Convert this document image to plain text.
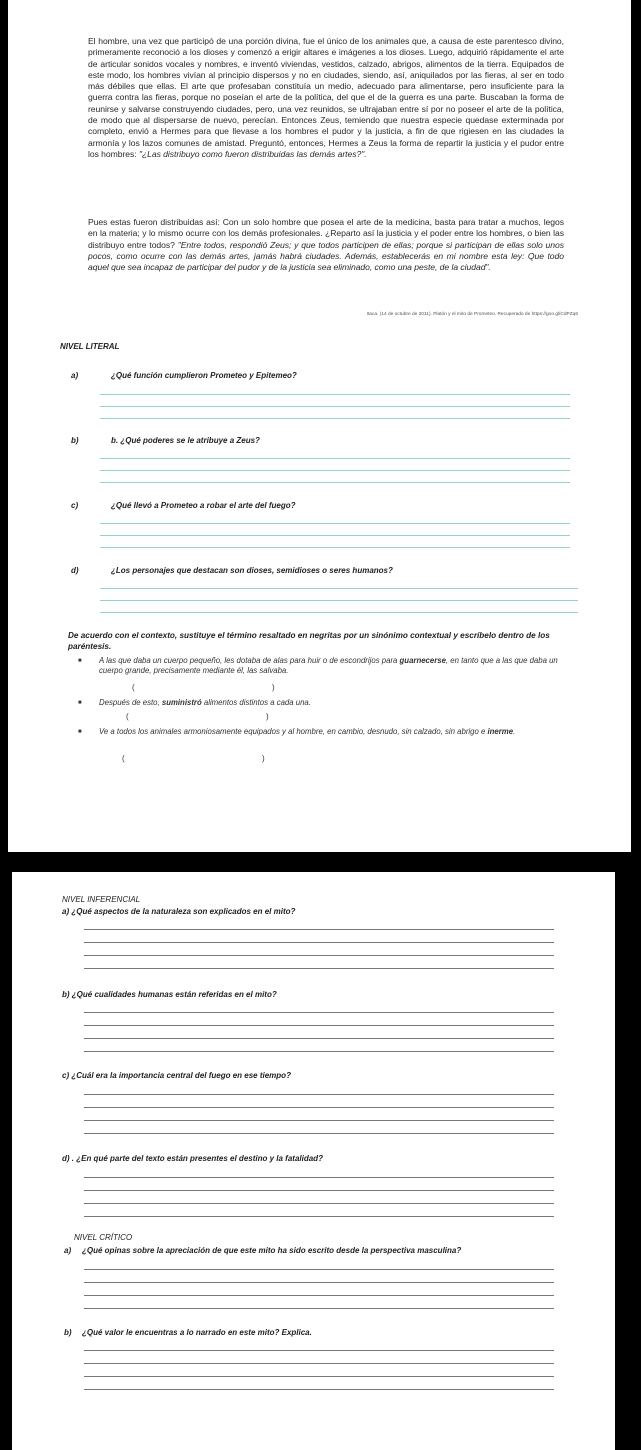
El hombre, una vez que participó de una porción divina, fue el único de los animales que, a causa de este parentesco divino, primeramente reconoció a los dioses y comenzó a erigir altares e imágenes a los dioses. Luego, adquirió rápidamente el arte de articular sonidos vocales y nombres, e inventó viviendas, vestidos, calzado, abrigos, alimentos de la tierra. Equipados de este modo, los hombres vivían al principio dispersos y no en ciudades, siendo, así, aniquilados por las fieras, al ser en todo más débiles que ellas. El arte que profesaban constituía un medio, adecuado para alimentarse, pero insuficiente para la guerra contra las fieras, porque no poseían el arte de la política, del que el de la guerra es una parte. Buscaban la forma de reunirse y salvarse construyendo ciudades, pero, una vez reunidos, se ultrajaban entre sí por no poseer el arte de la política, de modo que al dispersarse de nuevo, perecían. Entonces Zeus, temiendo que nuestra especie quedase exterminada por completo, envió a Hermes para que llevase a los hombres el pudor y la justicia, a fin de que rigiesen en las ciudades la armonía y los lazos comunes de amistad. Preguntó, entonces, Hermes a Zeus la forma de repartir la justicia y el pudor entre los hombres: "¿Las distribuyo como fueron distribuidas las demás artes?".
Pues estas fueron distribuidas así: Con un solo hombre que posea el arte de la medicina, basta para tratar a muchos, legos en la materia; y lo mismo ocurre con los demás profesionales. ¿Reparto así la justicia y el poder entre los hombres, o bien las distribuyo entre todos? "Entre todos, respondió Zeus; y que todos participen de ellas; porque si participan de ellas solo unos pocos, como ocurre con las demás artes, jamás habrá ciudades. Además, establecerás en mi nombre esta ley: Que todo aquel que sea incapaz de participar del pudor y de la justicia sea eliminado, como una peste, de la ciudad".
Itaca. (14 de octubre de 2011). Platón y el mito de Prometeo. Recuperado de https://goo.gl/CdPZq6
NIVEL LITERAL
a)	¿Qué función cumplieron Prometeo y Epitemeo?
b)	b. ¿Qué poderes se le atribuye a Zeus?
c)	¿Qué llevó a Prometeo a robar el arte del fuego?
d)	¿Los personajes que destacan son dioses, semidioses o seres humanos?
De acuerdo con el contexto, sustituye el término resaltado en negritas por un sinónimo contextual y escríbelo dentro de los paréntesis.
■ A las que daba un cuerpo pequeño, les dotaba de alas para huir o de escondrijos para guarnecerse, en tanto que a las que daba un cuerpo grande, precisamente mediante él, las salvaba.
(	)
■ Después de esto, suministró alimentos distintos a cada una.
(	)
■ Ve a todos los animales armoniosamente equipados y al hombre, en cambio, desnudo, sin calzado, sin abrigo e inerme.
(	)
NIVEL INFERENCIAL
a) ¿Qué aspectos de la naturaleza son explicados en el mito?
b) ¿Qué cualidades humanas están referidas en el mito?
c) ¿Cuál era la importancia central del fuego en ese tiempo?
d) . ¿En qué parte del texto están presentes el destino y la fatalidad?
NIVEL CRÍTICO
a) ¿Qué opinas sobre la apreciación de que este mito ha sido escrito desde la perspectiva masculina?
b) ¿Qué valor le encuentras a lo narrado en este mito? Explica.
